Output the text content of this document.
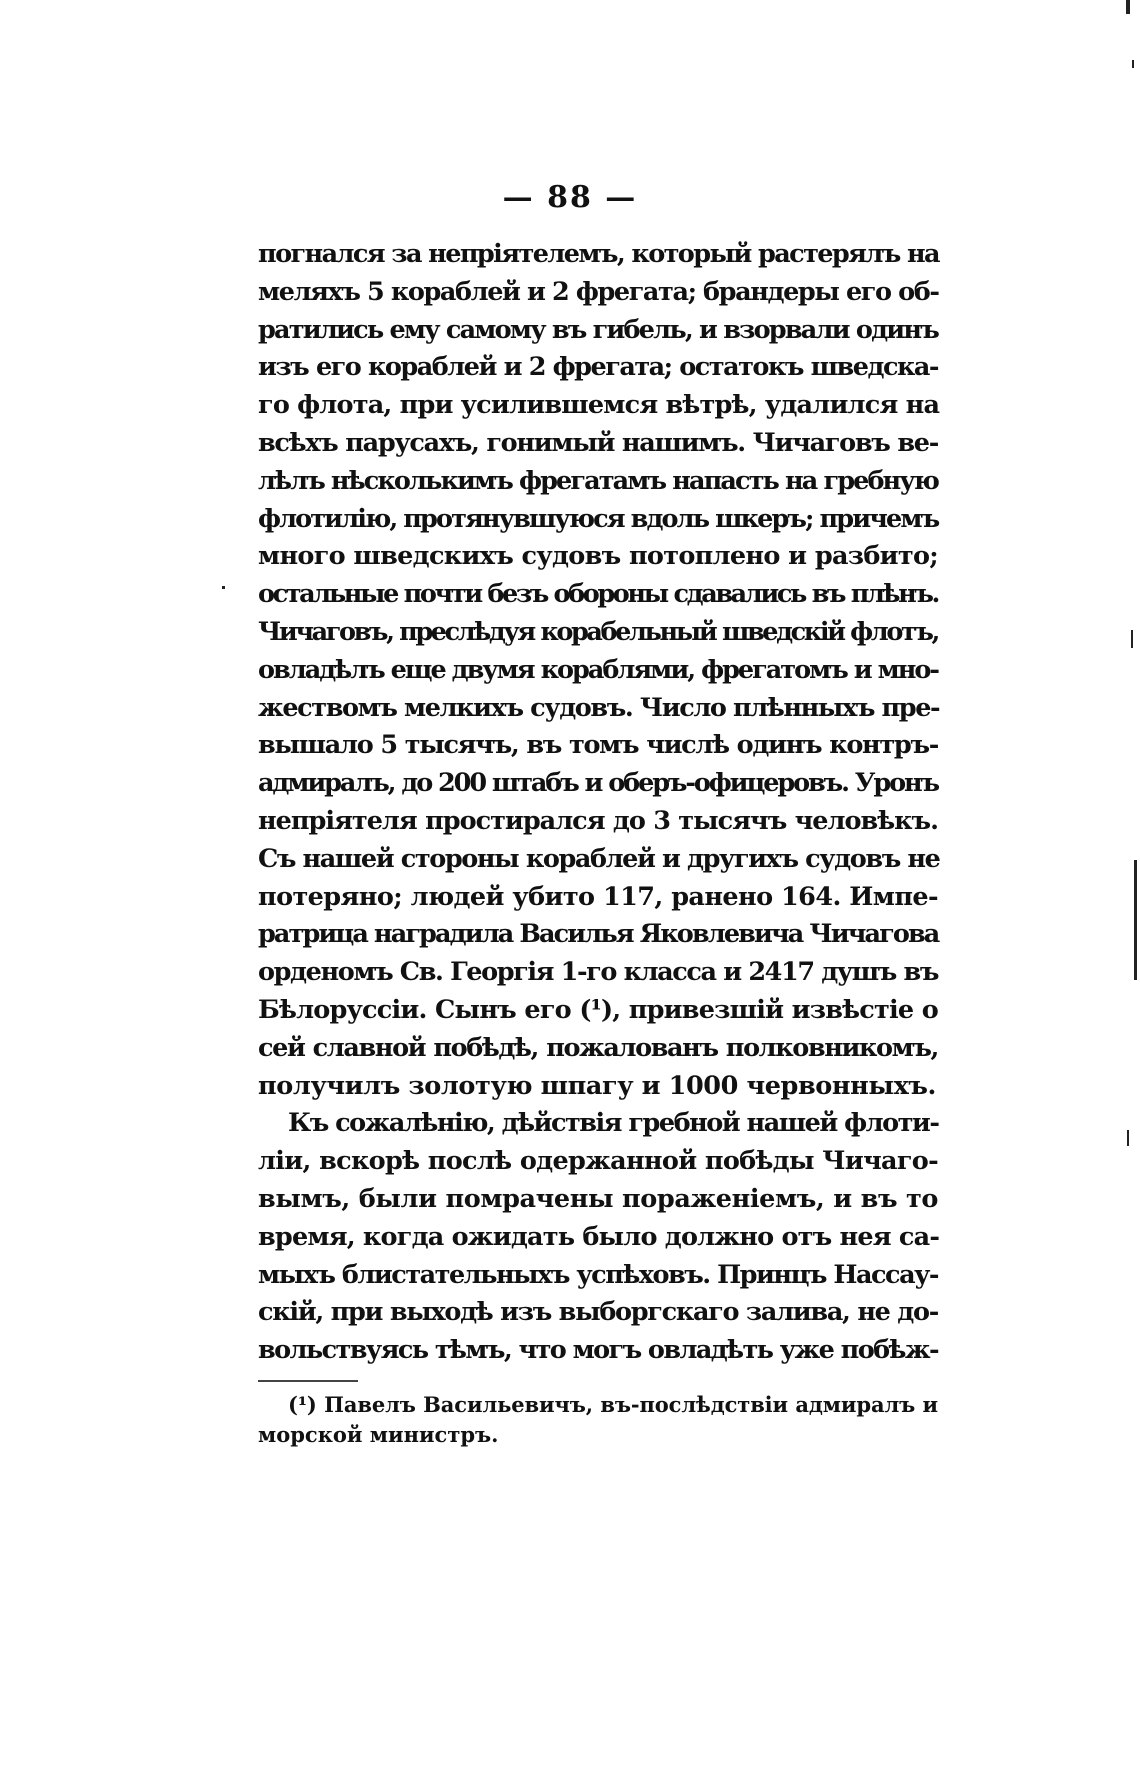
— 88 —
погнался за непріятелемъ, который растерялъ на
меляхъ 5 кораблей и 2 фрегата; брандеры его об-
ратились ему самому въ гибель, и взорвали одинъ
изъ его кораблей и 2 фрегата; остатокъ шведска-
го флота, при усилившемся вѣтрѣ, удалился на
всѣхъ парусахъ, гонимый нашимъ. Чичаговъ ве-
лѣлъ нѣсколькимъ фрегатамъ напасть на гребную
флотилію, протянувшуюся вдоль шкеръ; причемъ
много шведскихъ судовъ потоплено и разбито;
остальные почти безъ обороны сдавались въ плѣнъ.
Чичаговъ, преслѣдуя корабельный шведскій флотъ,
овладѣлъ еще двумя кораблями, фрегатомъ и мно-
жествомъ мелкихъ судовъ. Число плѣнныхъ пре-
вышало 5 тысячъ, въ томъ числѣ одинъ контръ-
адмиралъ, до 200 штабъ и оберъ-офицеровъ. Уронъ
непріятеля простирался до 3 тысячъ человѣкъ.
Съ нашей стороны кораблей и другихъ судовъ не
потеряно; людей убито 117, ранено 164. Импе-
ратрица наградила Василья Яковлевича Чичагова
орденомъ Св. Георгія 1-го класса и 2417 душъ въ
Бѣлоруссіи. Сынъ его (¹), привезшій извѣстіе о
сей славной побѣдѣ, пожалованъ полковникомъ,
получилъ золотую шпагу и 1000 червонныхъ.
Къ сожалѣнію, дѣйствія гребной нашей флоти-
ліи, вскорѣ послѣ одержанной побѣды Чичаго-
вымъ, были помрачены пораженіемъ, и въ то
время, когда ожидать было должно отъ нея са-
мыхъ блистательныхъ успѣховъ. Принцъ Нассау-
скій, при выходѣ изъ выборгскаго залива, не до-
вольствуясь тѣмъ, что могъ овладѣть уже побѣж-
(¹) Павелъ Васильевичъ, въ-послѣдствіи адмиралъ и
морской министръ.
